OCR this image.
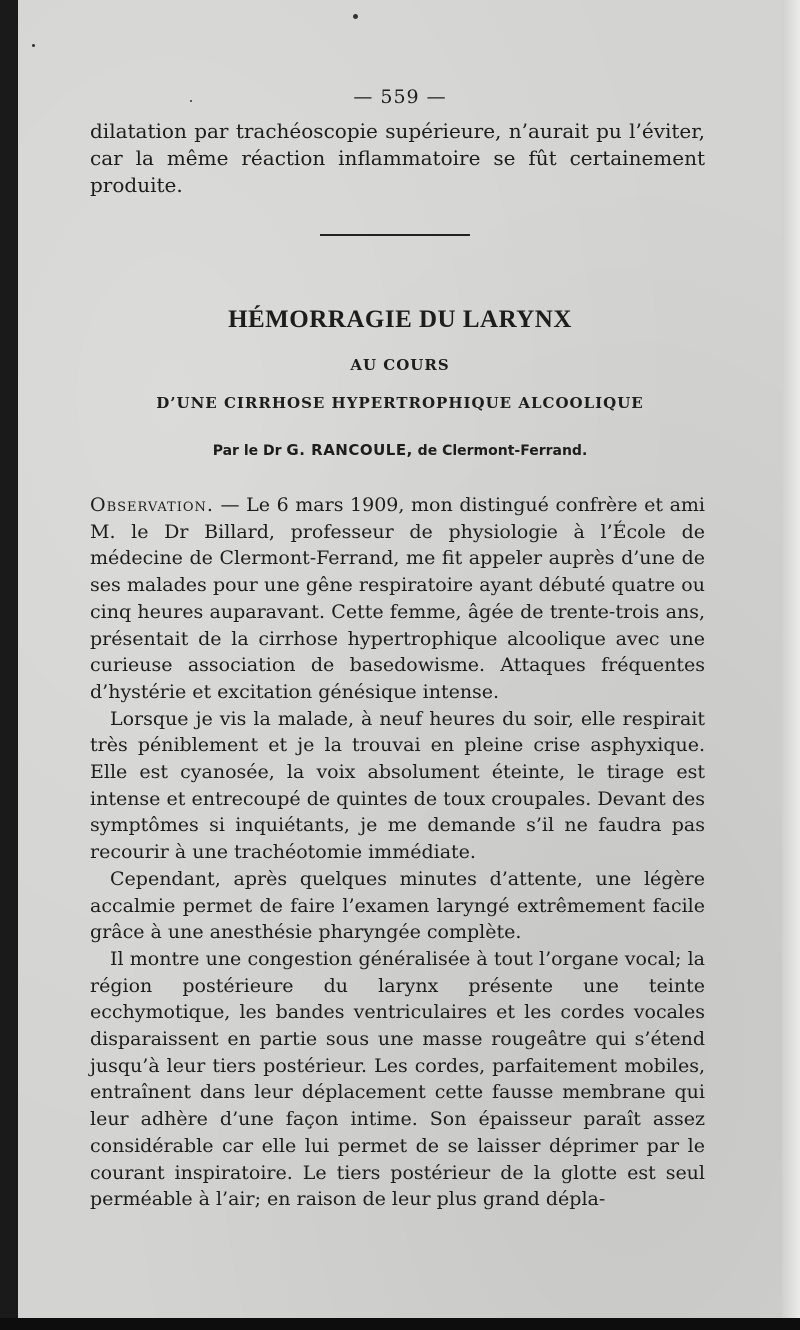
— 559 —
dilatation par trachéoscopie supérieure, n’aurait pu l’éviter, car la même réaction inflammatoire se fût certainement produite.
HÉMORRAGIE DU LARYNX
AU COURS
D’UNE CIRRHOSE HYPERTROPHIQUE ALCOOLIQUE
Par le Dr G. RANCOULE, de Clermont-Ferrand.

Observation. — Le 6 mars 1909, mon distingué confrère et ami M. le Dr Billard, professeur de physiologie à l’École de médecine de Clermont-Ferrand, me fit appeler auprès d’une de ses malades pour une gêne respiratoire ayant débuté quatre ou cinq heures auparavant. Cette femme, âgée de trente-trois ans, présentait de la cirrhose hypertrophique alcoolique avec une curieuse association de basedowisme. Attaques fréquentes d’hystérie et excitation génésique intense.

Lorsque je vis la malade, à neuf heures du soir, elle respirait très péniblement et je la trouvai en pleine crise asphyxique. Elle est cyanosée, la voix absolument éteinte, le tirage est intense et entrecoupé de quintes de toux croupales. Devant des symptômes si inquiétants, je me demande s’il ne faudra pas recourir à une trachéotomie immédiate.

Cependant, après quelques minutes d’attente, une légère accalmie permet de faire l’examen laryngé extrêmement facile grâce à une anesthésie pharyngée complète.

Il montre une congestion généralisée à tout l’organe vocal; la région postérieure du larynx présente une teinte ecchymotique, les bandes ventriculaires et les cordes vocales disparaissent en partie sous une masse rougeâtre qui s’étend jusqu’à leur tiers postérieur. Les cordes, parfaitement mobiles, entraînent dans leur déplacement cette fausse membrane qui leur adhère d’une façon intime. Son épaisseur paraît assez considérable car elle lui permet de se laisser déprimer par le courant inspiratoire. Le tiers postérieur de la glotte est seul perméable à l’air; en raison de leur plus grand dépla-
